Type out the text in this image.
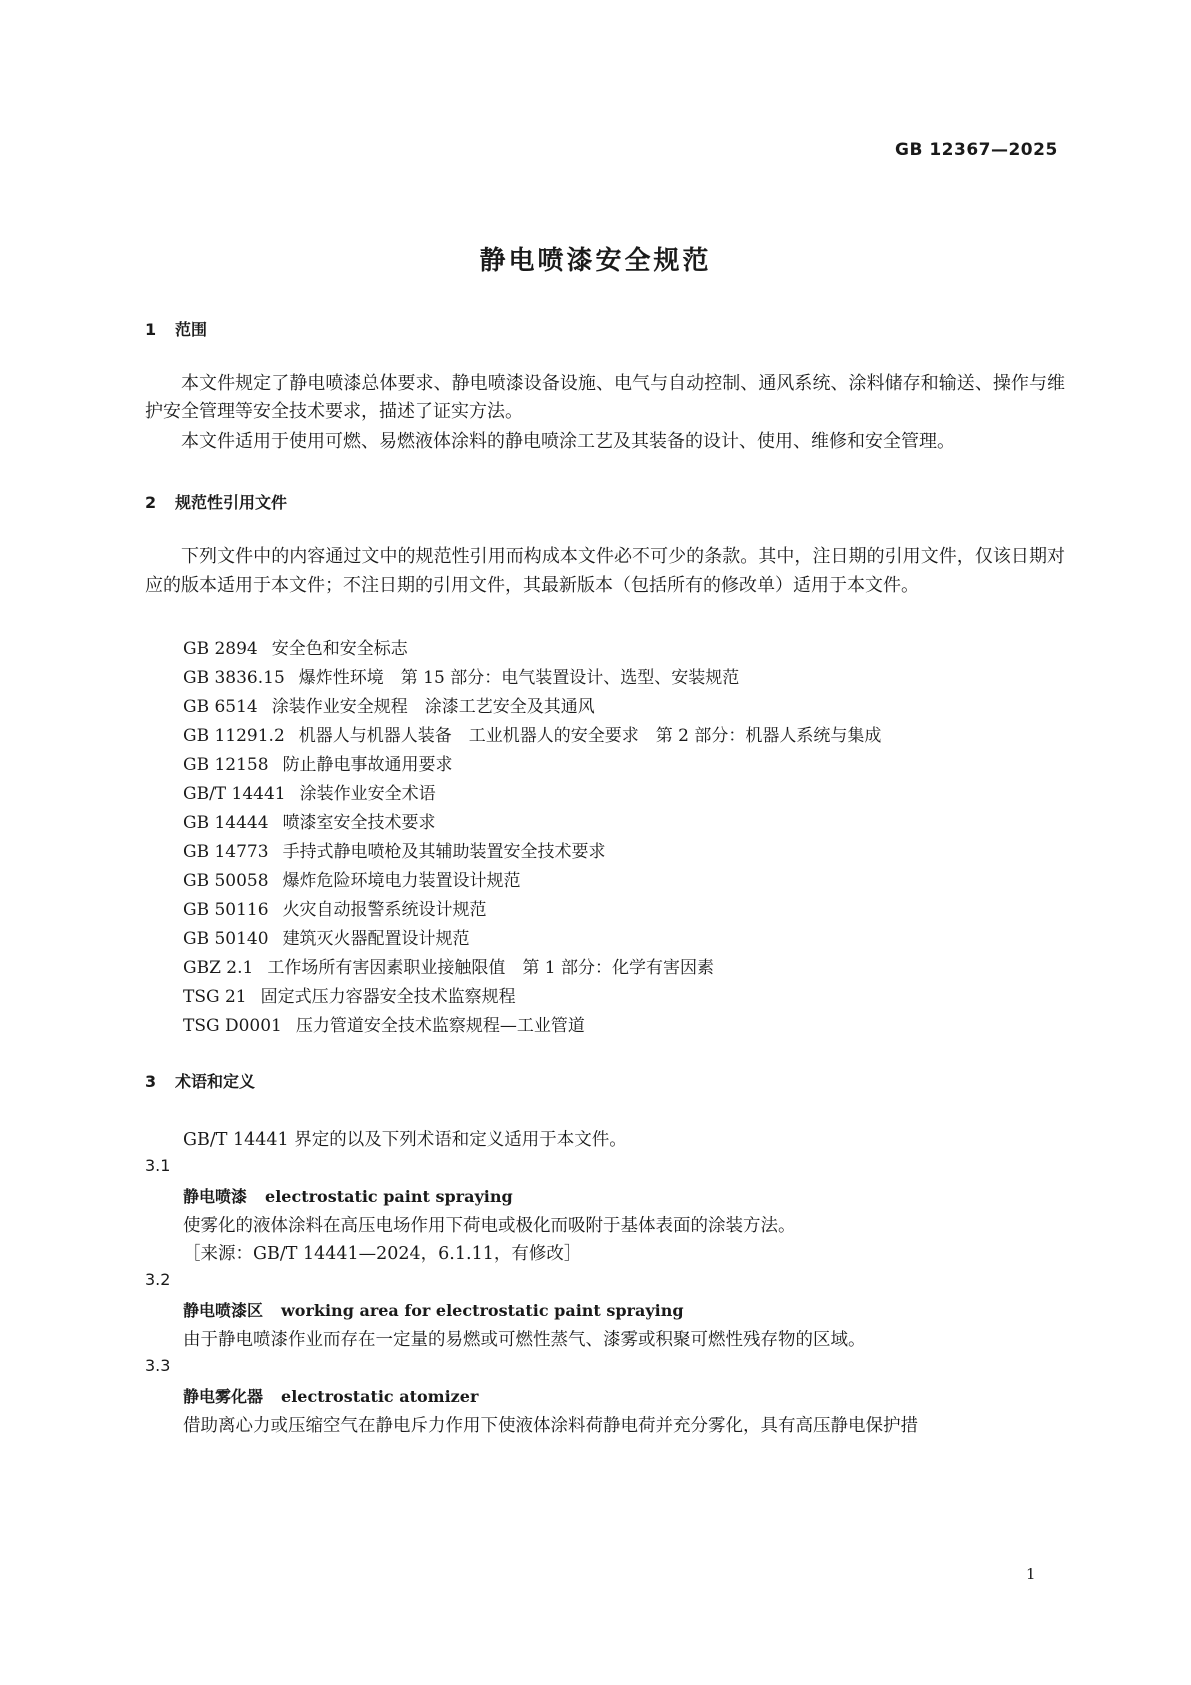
GB 12367—2025
静电喷漆安全规范
1 范围
本文件规定了静电喷漆总体要求、静电喷漆设备设施、电气与自动控制、通风系统、涂料储存和输送、操作与维护安全管理等安全技术要求，描述了证实方法。
本文件适用于使用可燃、易燃液体涂料的静电喷涂工艺及其装备的设计、使用、维修和安全管理。
2 规范性引用文件
下列文件中的内容通过文中的规范性引用而构成本文件必不可少的条款。其中，注日期的引用文件，仅该日期对应的版本适用于本文件；不注日期的引用文件，其最新版本（包括所有的修改单）适用于本文件。
GB 2894 安全色和安全标志
GB 3836.15 爆炸性环境　第 15 部分：电气装置设计、选型、安装规范
GB 6514 涂装作业安全规程　涂漆工艺安全及其通风
GB 11291.2 机器人与机器人装备　工业机器人的安全要求　第 2 部分：机器人系统与集成
GB 12158 防止静电事故通用要求
GB/T 14441 涂装作业安全术语
GB 14444 喷漆室安全技术要求
GB 14773 手持式静电喷枪及其辅助装置安全技术要求
GB 50058 爆炸危险环境电力装置设计规范
GB 50116 火灾自动报警系统设计规范
GB 50140 建筑灭火器配置设计规范
GBZ 2.1 工作场所有害因素职业接触限值　第 1 部分：化学有害因素
TSG 21 固定式压力容器安全技术监察规程
TSG D0001 压力管道安全技术监察规程—工业管道
3 术语和定义
GB/T 14441 界定的以及下列术语和定义适用于本文件。
3.1
静电喷漆 electrostatic paint spraying
使雾化的液体涂料在高压电场作用下荷电或极化而吸附于基体表面的涂装方法。
［来源：GB/T 14441—2024，6.1.11，有修改］
3.2
静电喷漆区 working area for electrostatic paint spraying
由于静电喷漆作业而存在一定量的易燃或可燃性蒸气、漆雾或积聚可燃性残存物的区域。
3.3
静电雾化器 electrostatic atomizer
借助离心力或压缩空气在静电斥力作用下使液体涂料荷静电荷并充分雾化，具有高压静电保护措
1
